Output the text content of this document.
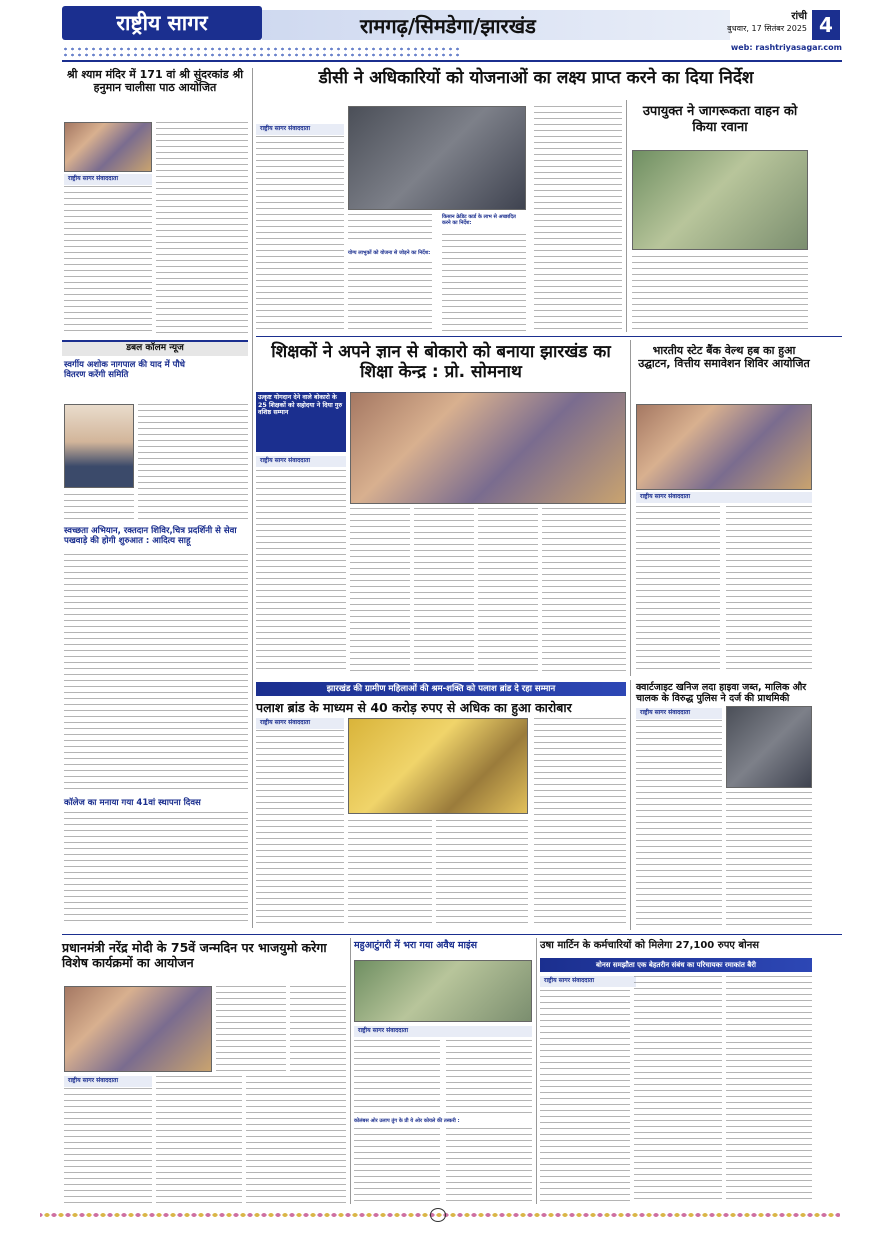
राष्ट्रीय सागर	रामगढ़/सिमडेगा/झारखंड	रांची
बुधवार, 17 सितंबर 2025 4
web: rashtriyasagar.com
श्री श्याम मंदिर में 171 वां श्री सुंदरकांड श्री हनुमान चालीसा पाठ आयोजित
राष्ट्रीय सागर संवाददाता
डबल कॉलम न्यूज
स्वर्गीय अशोक नागपाल की याद में पौधे वितरण करेंगी समिति
स्वच्छता अभियान, रक्तदान शिविर,चित्र प्रदर्शिनी से सेवा पखवाड़े की होगी शुरुआत : आदित्य साहू
कॉलेज का मनाया गया 41वां स्थापना दिवस
डीसी ने अधिकारियों को योजनाओं का लक्ष्य प्राप्त करने का दिया निर्देश
राष्ट्रीय सागर संवाददाता
योग्य लाभुकों को योजना से जोड़ने का निर्देश:
किसान क्रेडिट कार्ड के लाभ से अच्छादित करने का निर्देश:
उपायुक्त ने जागरूकता वाहन को किया रवाना
शिक्षकों ने अपने ज्ञान से बोकारो को बनाया झारखंड का शिक्षा केन्द्र : प्रो. सोमनाथ
उत्कृष्ट योगदान देने वाले बोकारो के 25 शिक्षकों को सहोदया ने दिया गुरु वशिष्ठ सम्मान
राष्ट्रीय सागर संवाददाता
भारतीय स्टेट बैंक वेल्थ हब का हुआ उद्घाटन, वित्तीय समावेशन शिविर आयोजित
राष्ट्रीय सागर संवाददाता
झारखंड की ग्रामीण महिलाओं की श्रम-शक्ति को पलाश ब्रांड दे रहा सम्मान
पलाश ब्रांड के माध्यम से 40 करोड़ रुपए से अधिक का हुआ कारोबार
राष्ट्रीय सागर संवाददाता
क्वार्टजाइट खनिज लदा हाइवा जब्त, मालिक और चालक के विरुद्ध पुलिस ने दर्ज की प्राथमिकी
राष्ट्रीय सागर संवाददाता
प्रधानमंत्री नरेंद्र मोदी के 75वें जन्मदिन पर भाजयुमो करेगा विशेष कार्यक्रमों का आयोजन
राष्ट्रीय सागर संवाददाता
महुआटुंगरी में भरा गया अवैध माइंस
राष्ट्रीय सागर संवाददाता
कोलंबस ओर उलाप तुंग के प्री ये ओर कोयले की तस्करी :
उषा मार्टिन के कर्मचारियों को मिलेगा 27,100 रुपए बोनस
बोनस समझौता एक बेहतरीन संबंध का परिचायकः रमाकांत बैरी
राष्ट्रीय सागर संवाददाता
